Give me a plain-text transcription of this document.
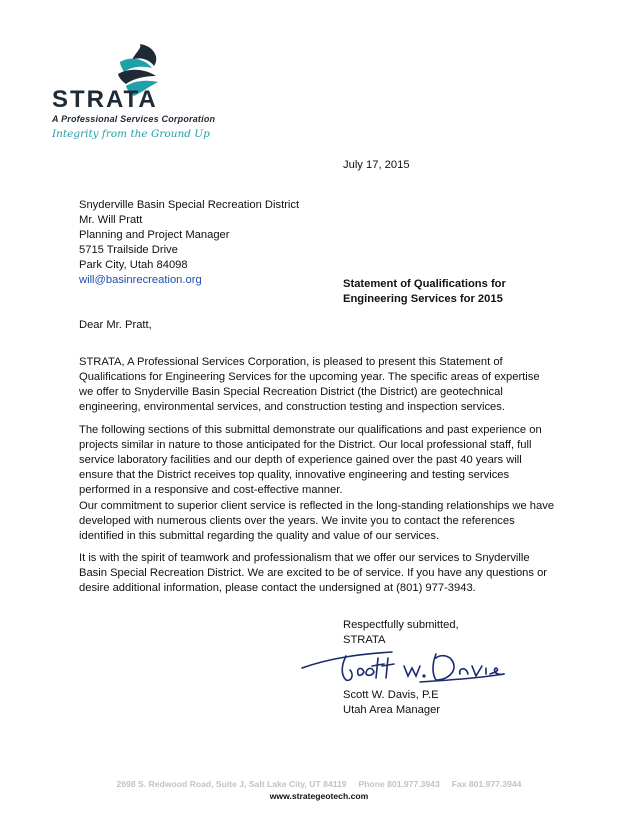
STRATA
A Professional Services Corporation
Integrity from the Ground Up
July 17, 2015
Snyderville Basin Special Recreation District
Mr. Will Pratt
Planning and Project Manager
5715 Trailside Drive
Park City, Utah 84098
will@basinrecreation.org	Statement of Qualifications for
Engineering Services for 2015
Dear Mr. Pratt,
STRATA, A Professional Services Corporation, is pleased to present this Statement of
Qualifications for Engineering Services for the upcoming year. The specific areas of expertise
we offer to Snyderville Basin Special Recreation District (the District) are geotechnical
engineering, environmental services, and construction testing and inspection services.
The following sections of this submittal demonstrate our qualifications and past experience on
projects similar in nature to those anticipated for the District. Our local professional staff, full
service laboratory facilities and our depth of experience gained over the past 40 years will
ensure that the District receives top quality, innovative engineering and testing services
performed in a responsive and cost-effective manner.
Our commitment to superior client service is reflected in the long-standing relationships we have
developed with numerous clients over the years. We invite you to contact the references
identified in this submittal regarding the quality and value of our services.
It is with the spirit of teamwork and professionalism that we offer our services to Snyderville
Basin Special Recreation District. We are excited to be of service. If you have any questions or
desire additional information, please contact the undersigned at (801) 977-3943.
Respectfully submitted,
STRATA
Scott W. Davis, P.E
Utah Area Manager
2698 S. Redwood Road, Suite J, Salt Lake City, UT 84119     Phone 801.977.3943     Fax 801.977.3944
www.strategeotech.com
